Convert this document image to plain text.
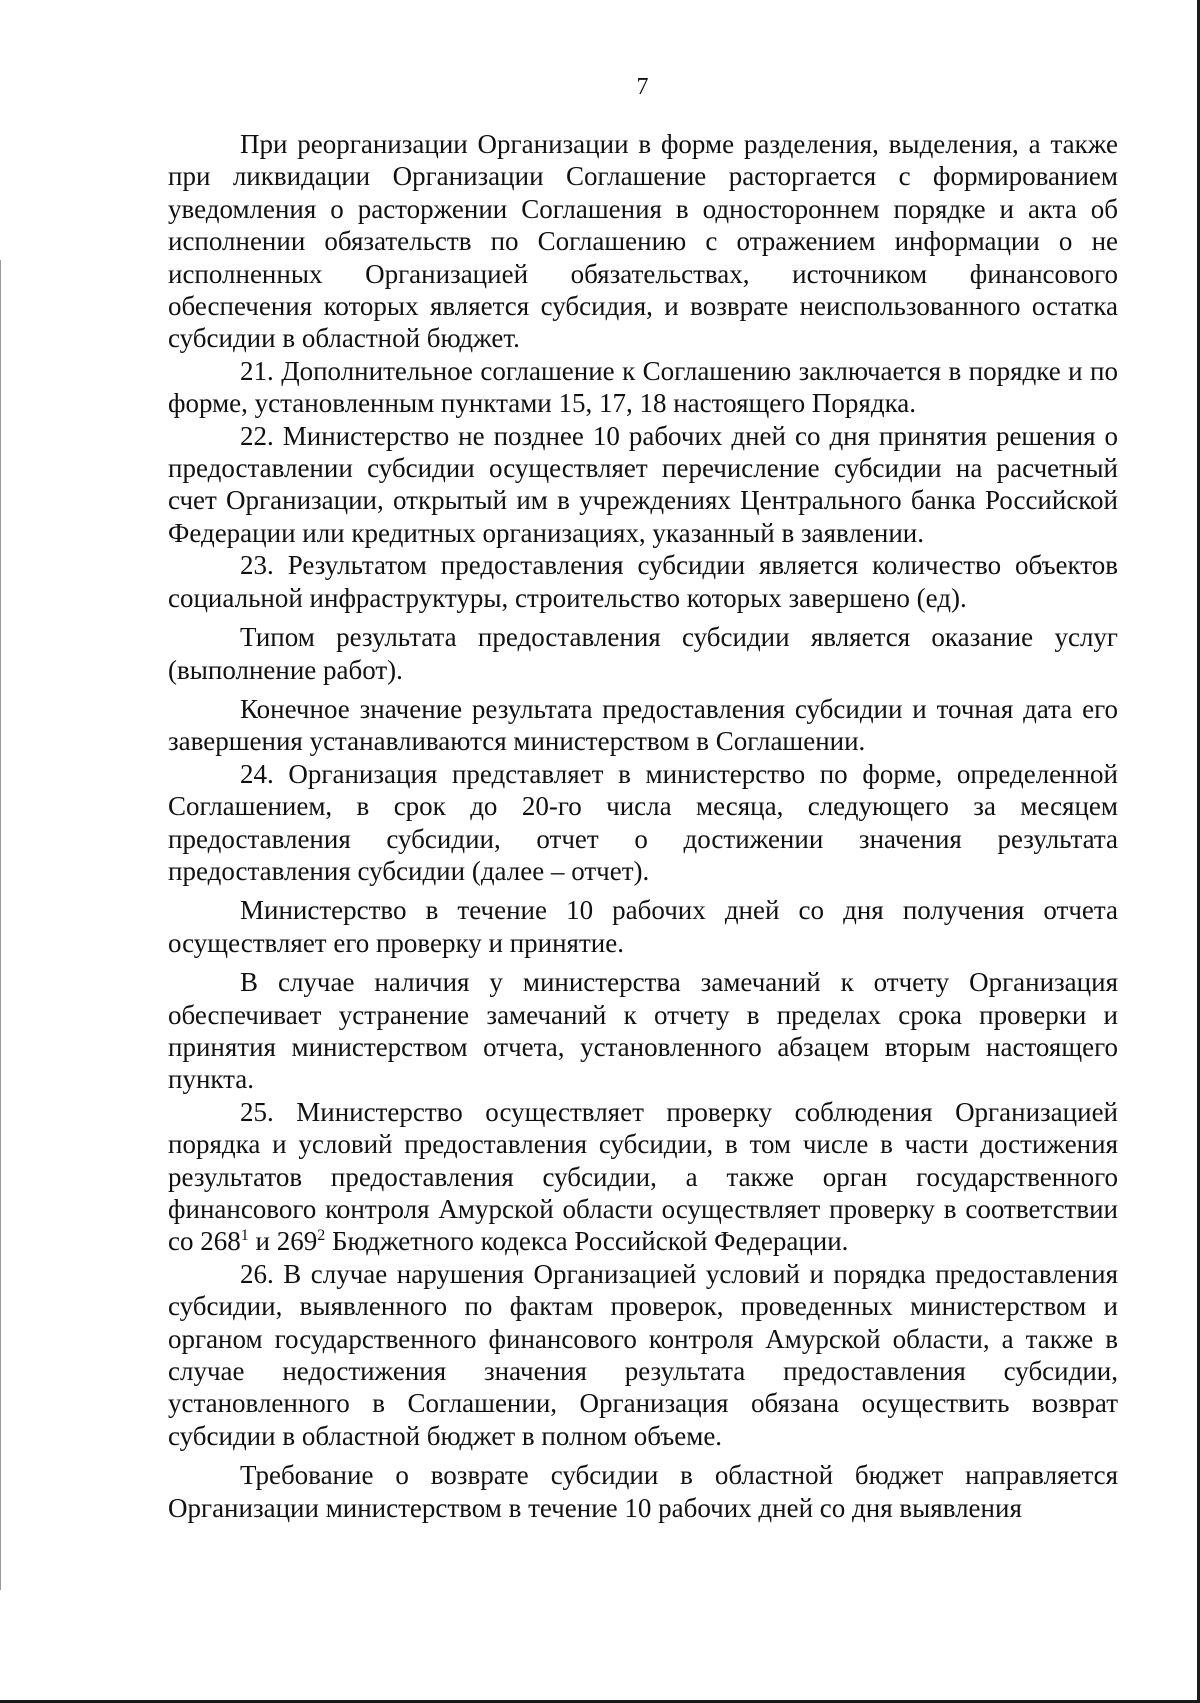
7

При реорганизации Организации в форме разделения, выделения, а также при ликвидации Организации Соглашение расторгается с формированием уведомления о расторжении Соглашения в одностороннем порядке и акта об исполнении обязательств по Соглашению с отражением информации о не исполненных Организацией обязательствах, источником финансового обеспечения которых является субсидия, и возврате неиспользованного остатка субсидии в областной бюджет.

21. Дополнительное соглашение к Соглашению заключается в порядке и по форме, установленным пунктами 15, 17, 18 настоящего Порядка.

22. Министерство не позднее 10 рабочих дней со дня принятия решения о предоставлении субсидии осуществляет перечисление субсидии на расчетный счет Организации, открытый им в учреждениях Центрального банка Российской Федерации или кредитных организациях, указанный в заявлении.

23. Результатом предоставления субсидии является количество объектов социальной инфраструктуры, строительство которых завершено (ед).

Типом результата предоставления субсидии является оказание услуг (выполнение работ).

Конечное значение результата предоставления субсидии и точная дата его завершения устанавливаются министерством в Соглашении.

24. Организация представляет в министерство по форме, определенной Соглашением, в срок до 20-го числа месяца, следующего за месяцем предоставления субсидии, отчет о достижении значения результата предоставления субсидии (далее – отчет).

Министерство в течение 10 рабочих дней со дня получения отчета осуществляет его проверку и принятие.

В случае наличия у министерства замечаний к отчету Организация обеспечивает устранение замечаний к отчету в пределах срока проверки и принятия министерством отчета, установленного абзацем вторым настоящего пункта.

25. Министерство осуществляет проверку соблюдения Организацией порядка и условий предоставления субсидии, в том числе в части достижения результатов предоставления субсидии, а также орган государственного финансового контроля Амурской области осуществляет проверку в соответствии со $268^1$ и $269^2$ Бюджетного кодекса Российской Федерации.

26. В случае нарушения Организацией условий и порядка предоставления субсидии, выявленного по фактам проверок, проведенных министерством и органом государственного финансового контроля Амурской области, а также в случае недостижения значения результата предоставления субсидии, установленного в Соглашении, Организация обязана осуществить возврат субсидии в областной бюджет в полном объеме.

Требование о возврате субсидии в областной бюджет направляется Организации министерством в течение 10 рабочих дней со дня выявления
